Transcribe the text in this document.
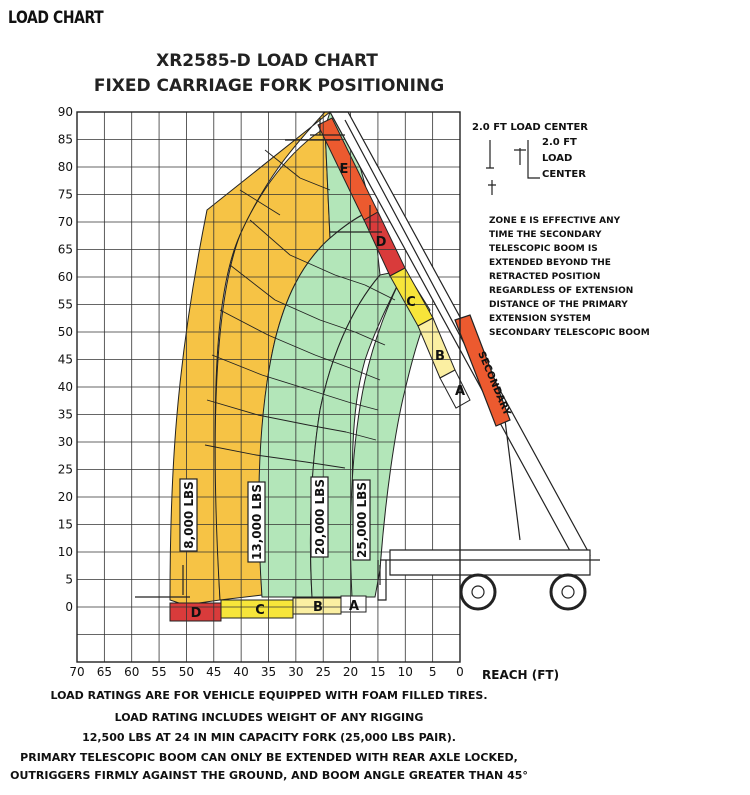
LOAD CHART
XR2585-D LOAD CHART
FIXED CARRIAGE FORK POSITIONING
70 65 60 55 50 45 40 35 30 25 20 15 10 5 0
90
85
80
75
70
65
60
55
50
45
40
35
30
25
20
15
10
5
0
E
D
C
B
A
D	C	B A
SECONDARY
8,000 LBS	13,000 LBS	20,000 LBS 25,000 LBS
2.0 FT LOAD CENTER
2.0 FT
LOAD
CENTER
ZONE E IS EFFECTIVE ANY
TIME THE SECONDARY
TELESCOPIC BOOM IS
EXTENDED BEYOND THE
RETRACTED POSITION
REGARDLESS OF EXTENSION
DISTANCE OF THE PRIMARY
EXTENSION SYSTEM
SECONDARY TELESCOPIC BOOM
REACH (FT)
LOAD RATINGS ARE FOR VEHICLE EQUIPPED WITH FOAM FILLED TIRES.
LOAD RATING INCLUDES WEIGHT OF ANY RIGGING
12,500 LBS AT 24 IN MIN CAPACITY FORK (25,000 LBS PAIR).
PRIMARY TELESCOPIC BOOM CAN ONLY BE EXTENDED WITH REAR AXLE LOCKED,
OUTRIGGERS FIRMLY AGAINST THE GROUND, AND BOOM ANGLE GREATER THAN 45°
